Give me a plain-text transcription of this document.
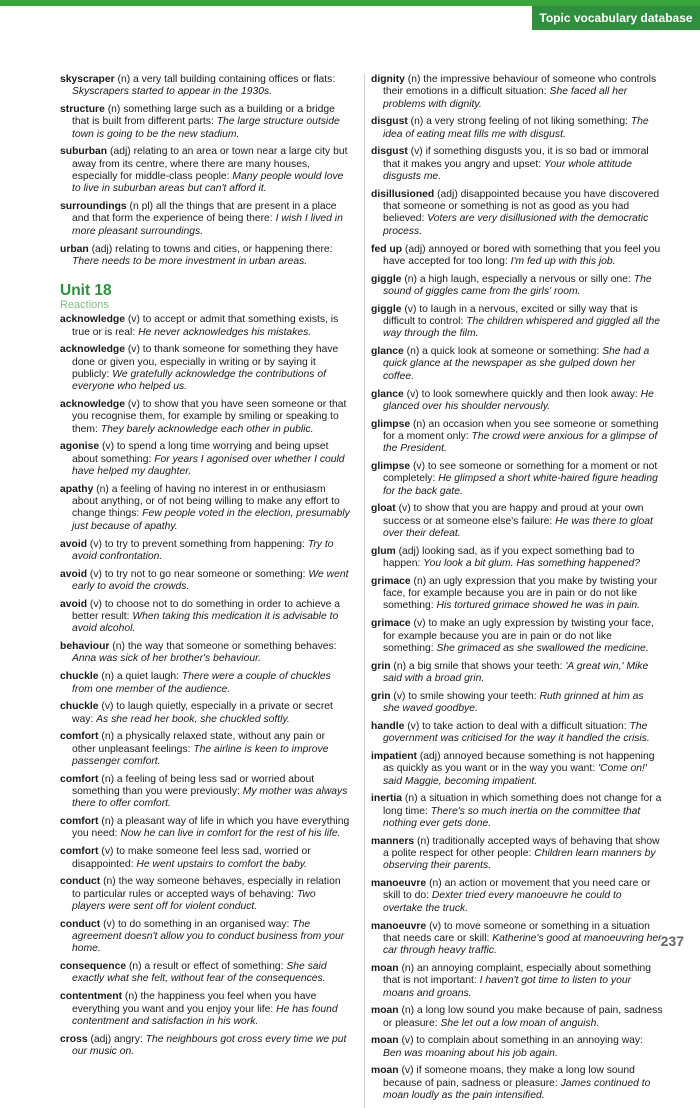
Topic vocabulary database

skyscraper (n) a very tall building containing offices or flats: Skyscrapers started to appear in the 1930s.

structure (n) something large such as a building or a bridge that is built from different parts: The large structure outside town is going to be the new stadium.

suburban (adj) relating to an area or town near a large city but away from its centre, where there are many houses, especially for middle-class people: Many people would love to live in suburban areas but can't afford it.

surroundings (n pl) all the things that are present in a place and that form the experience of being there: I wish I lived in more pleasant surroundings.

urban (adj) relating to towns and cities, or happening there: There needs to be more investment in urban areas.

Unit 18
Reactions

acknowledge (v) to accept or admit that something exists, is true or is real: He never acknowledges his mistakes.

acknowledge (v) to thank someone for something they have done or given you, especially in writing or by saying it publicly: We gratefully acknowledge the contributions of everyone who helped us.

acknowledge (v) to show that you have seen someone or that you recognise them, for example by smiling or speaking to them: They barely acknowledge each other in public.

agonise (v) to spend a long time worrying and being upset about something: For years I agonised over whether I could have helped my daughter.

apathy (n) a feeling of having no interest in or enthusiasm about anything, or of not being willing to make any effort to change things: Few people voted in the election, presumably just because of apathy.

avoid (v) to try to prevent something from happening: Try to avoid confrontation.

avoid (v) to try not to go near someone or something: We went early to avoid the crowds.

avoid (v) to choose not to do something in order to achieve a better result: When taking this medication it is advisable to avoid alcohol.

behaviour (n) the way that someone or something behaves: Anna was sick of her brother's behaviour.

chuckle (n) a quiet laugh: There were a couple of chuckles from one member of the audience.

chuckle (v) to laugh quietly, especially in a private or secret way: As she read her book, she chuckled softly.

comfort (n) a physically relaxed state, without any pain or other unpleasant feelings: The airline is keen to improve passenger comfort.

comfort (n) a feeling of being less sad or worried about something than you were previously: My mother was always there to offer comfort.

comfort (n) a pleasant way of life in which you have everything you need: Now he can live in comfort for the rest of his life.

comfort (v) to make someone feel less sad, worried or disappointed: He went upstairs to comfort the baby.

conduct (n) the way someone behaves, especially in relation to particular rules or accepted ways of behaving: Two players were sent off for violent conduct.

conduct (v) to do something in an organised way: The agreement doesn't allow you to conduct business from your home.

consequence (n) a result or effect of something: She said exactly what she felt, without fear of the consequences.

contentment (n) the happiness you feel when you have everything you want and you enjoy your life: He has found contentment and satisfaction in his work.

cross (adj) angry: The neighbours got cross every time we put our music on.

dignity (n) the impressive behaviour of someone who controls their emotions in a difficult situation: She faced all her problems with dignity.

disgust (n) a very strong feeling of not liking something: The idea of eating meat fills me with disgust.

disgust (v) if something disgusts you, it is so bad or immoral that it makes you angry and upset: Your whole attitude disgusts me.

disillusioned (adj) disappointed because you have discovered that someone or something is not as good as you had believed: Voters are very disillusioned with the democratic process.

fed up (adj) annoyed or bored with something that you feel you have accepted for too long: I'm fed up with this job.

giggle (n) a high laugh, especially a nervous or silly one: The sound of giggles came from the girls' room.

giggle (v) to laugh in a nervous, excited or silly way that is difficult to control: The children whispered and giggled all the way through the film.

glance (n) a quick look at someone or something: She had a quick glance at the newspaper as she gulped down her coffee.

glance (v) to look somewhere quickly and then look away: He glanced over his shoulder nervously.

glimpse (n) an occasion when you see someone or something for a moment only: The crowd were anxious for a glimpse of the President.

glimpse (v) to see someone or something for a moment or not completely: He glimpsed a short white-haired figure heading for the back gate.

gloat (v) to show that you are happy and proud at your own success or at someone else's failure: He was there to gloat over their defeat.

glum (adj) looking sad, as if you expect something bad to happen: You look a bit glum. Has something happened?

grimace (n) an ugly expression that you make by twisting your face, for example because you are in pain or do not like something: His tortured grimace showed he was in pain.

grimace (v) to make an ugly expression by twisting your face, for example because you are in pain or do not like something: She grimaced as she swallowed the medicine.

grin (n) a big smile that shows your teeth: 'A great win,' Mike said with a broad grin.

grin (v) to smile showing your teeth: Ruth grinned at him as she waved goodbye.

handle (v) to take action to deal with a difficult situation: The government was criticised for the way it handled the crisis.

impatient (adj) annoyed because something is not happening as quickly as you want or in the way you want: 'Come on!' said Maggie, becoming impatient.

inertia (n) a situation in which something does not change for a long time: There's so much inertia on the committee that nothing ever gets done.

manners (n) traditionally accepted ways of behaving that show a polite respect for other people: Children learn manners by observing their parents.

manoeuvre (n) an action or movement that you need care or skill to do: Dexter tried every manoeuvre he could to overtake the truck.

manoeuvre (v) to move someone or something in a situation that needs care or skill: Katherine's good at manoeuvring her car through heavy traffic.

moan (n) an annoying complaint, especially about something that is not important: I haven't got time to listen to your moans and groans.

moan (n) a long low sound you make because of pain, sadness or pleasure: She let out a low moan of anguish.

moan (v) to complain about something in an annoying way: Ben was moaning about his job again.

moan (v) if someone moans, they make a long low sound because of pain, sadness or pleasure: James continued to moan loudly as the pain intensified.

237
